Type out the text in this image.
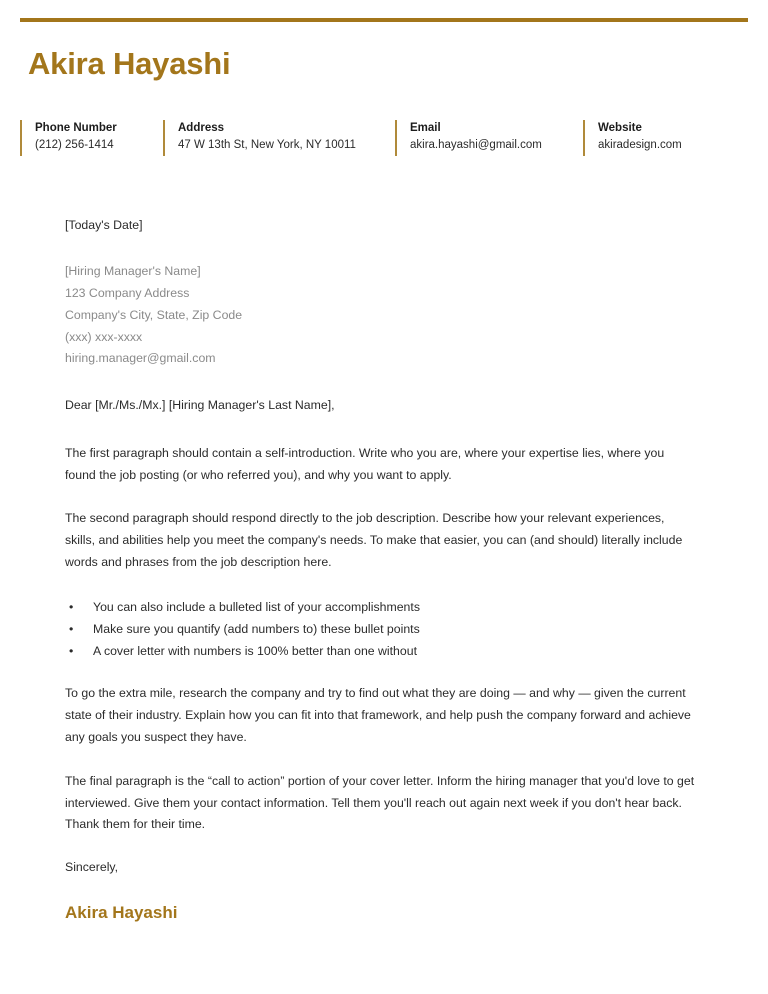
Akira Hayashi
Phone Number
(212) 256-1414
Address
47 W 13th St, New York, NY 10011
Email
akira.hayashi@gmail.com
Website
akiradesign.com

[Today's Date]

[Hiring Manager's Name]
123 Company Address
Company's City, State, Zip Code
(xxx) xxx-xxxx
hiring.manager@gmail.com

Dear [Mr./Ms./Mx.] [Hiring Manager's Last Name],

The first paragraph should contain a self-introduction. Write who you are, where your expertise lies, where you found the job posting (or who referred you), and why you want to apply.

The second paragraph should respond directly to the job description. Describe how your relevant experiences, skills, and abilities help you meet the company's needs. To make that easier, you can (and should) literally include words and phrases from the job description here.

• You can also include a bulleted list of your accomplishments
• Make sure you quantify (add numbers to) these bullet points
• A cover letter with numbers is 100% better than one without

To go the extra mile, research the company and try to find out what they are doing — and why — given the current state of their industry. Explain how you can fit into that framework, and help push the company forward and achieve any goals you suspect they have.

The final paragraph is the “call to action” portion of your cover letter. Inform the hiring manager that you'd love to get interviewed. Give them your contact information. Tell them you'll reach out again next week if you don't hear back. Thank them for their time.

Sincerely,

Akira Hayashi
